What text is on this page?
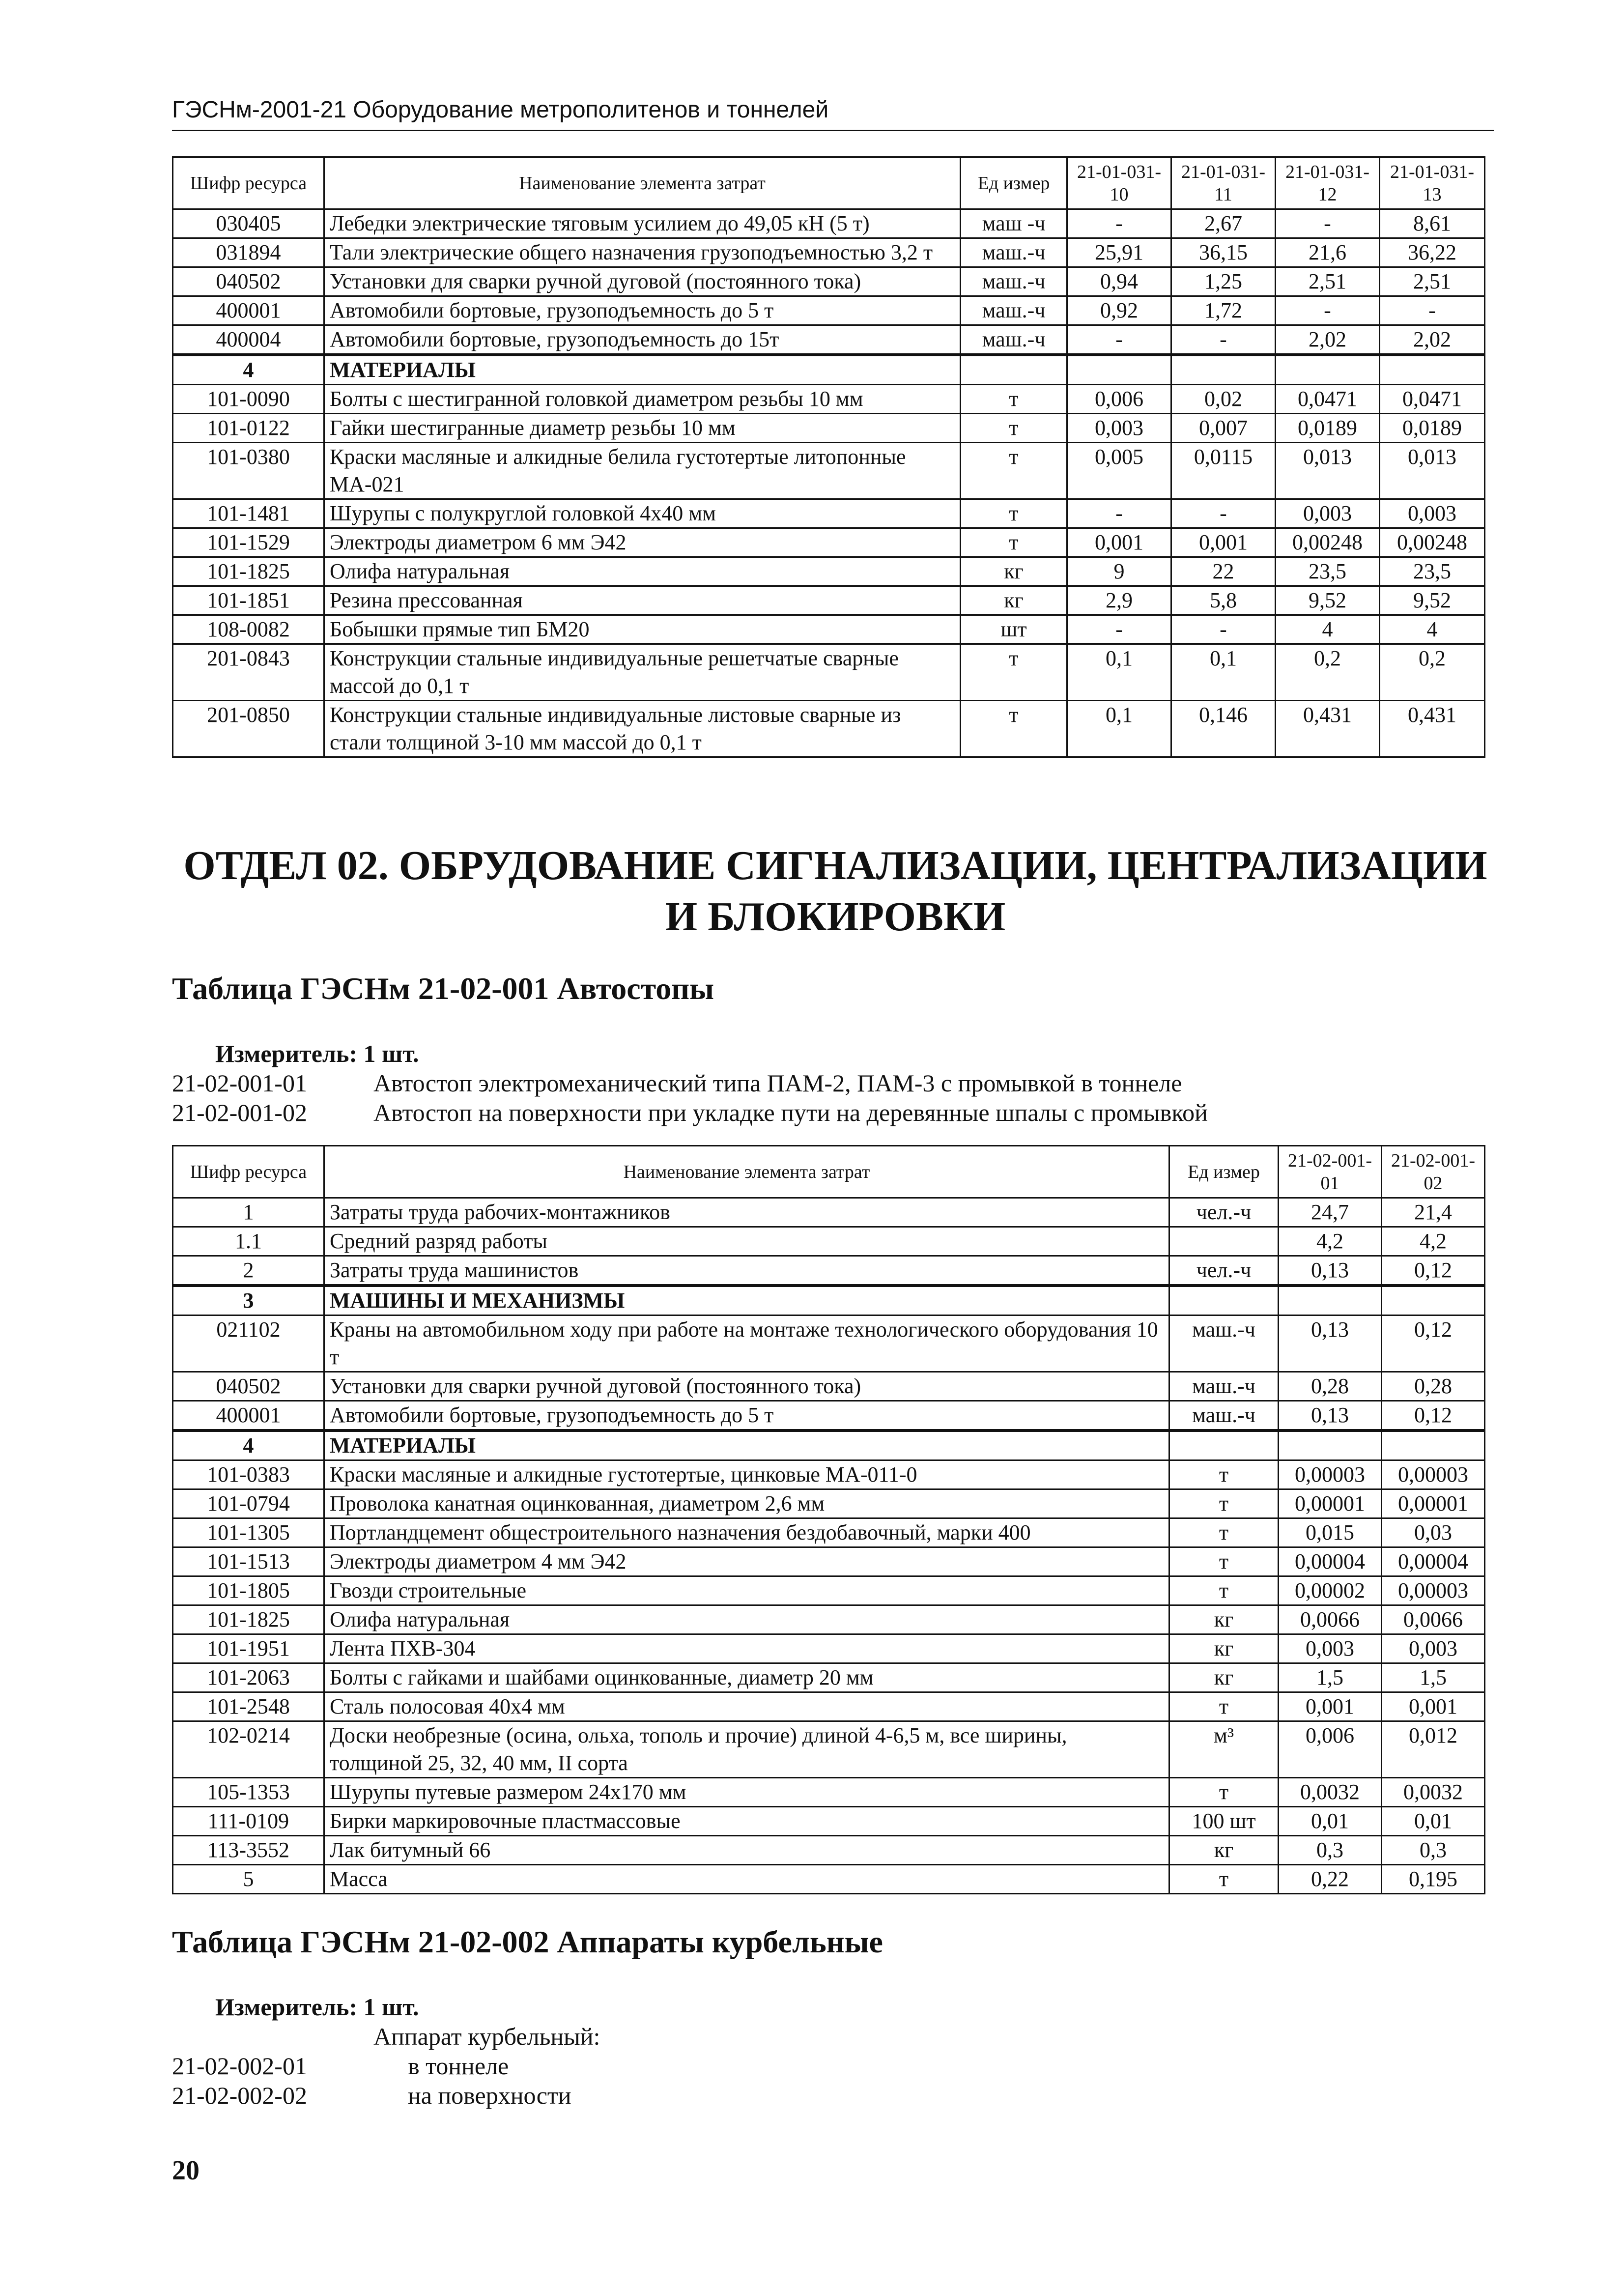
ГЭСНм-2001-21 Оборудование метрополитенов и тоннелей
Шифр ресурса	Наименование элемента затрат	Ед измер	21-01-031-10	21-01-031-11	21-01-031-12	21-01-031-13
030405	Лебедки электрические тяговым усилием до 49,05 кН (5 т)	маш -ч	-	2,67	-	8,61
031894	Тали электрические общего назначения грузоподъемностью 3,2 т	маш.-ч	25,91	36,15	21,6	36,22
040502	Установки для сварки ручной дуговой (постоянного тока)	маш.-ч	0,94	1,25	2,51	2,51
400001	Автомобили бортовые, грузоподъемность до 5 т	маш.-ч	0,92	1,72	-	-
400004	Автомобили бортовые, грузоподъемность до 15т	маш.-ч	-	-	2,02	2,02
4	МАТЕРИАЛЫ					
101-0090	Болты с шестигранной головкой диаметром резьбы 10 мм	т	0,006	0,02	0,0471	0,0471
101-0122	Гайки шестигранные диаметр резьбы 10 мм	т	0,003	0,007	0,0189	0,0189
101-0380	Краски масляные и алкидные белила густотертые литопонные МА-021	т	0,005	0,0115	0,013	0,013
101-1481	Шурупы с полукруглой головкой 4х40 мм	т	-	-	0,003	0,003
101-1529	Электроды диаметром 6 мм Э42	т	0,001	0,001	0,00248	0,00248
101-1825	Олифа натуральная	кг	9	22	23,5	23,5
101-1851	Резина прессованная	кг	2,9	5,8	9,52	9,52
108-0082	Бобышки прямые тип БМ20	шт	-	-	4	4
201-0843	Конструкции стальные индивидуальные решетчатые сварные массой до 0,1 т	т	0,1	0,1	0,2	0,2
201-0850	Конструкции стальные индивидуальные листовые сварные из стали толщиной 3-10 мм массой до 0,1 т	т	0,1	0,146	0,431	0,431
ОТДЕЛ 02. ОБРУДОВАНИЕ СИГНАЛИЗАЦИИ, ЦЕНТРАЛИЗАЦИИ И БЛОКИРОВКИ
Таблица ГЭСНм 21-02-001 Автостопы
Измеритель: 1 шт.
21-02-001-01	Автостоп электромеханический типа ПАМ-2, ПАМ-3 с промывкой в тоннеле
21-02-001-02	Автостоп на поверхности при укладке пути на деревянные шпалы с промывкой
Шифр ресурса	Наименование элемента затрат	Ед измер	21-02-001-01	21-02-001-02
1	Затраты труда рабочих-монтажников	чел.-ч	24,7	21,4
1.1	Средний разряд работы		4,2	4,2
2	Затраты труда машинистов	чел.-ч	0,13	0,12
3	МАШИНЫ И МЕХАНИЗМЫ			
021102	Краны на автомобильном ходу при работе на монтаже технологического оборудования 10 т	маш.-ч	0,13	0,12
040502	Установки для сварки ручной дуговой (постоянного тока)	маш.-ч	0,28	0,28
400001	Автомобили бортовые, грузоподъемность до 5 т	маш.-ч	0,13	0,12
4	МАТЕРИАЛЫ			
101-0383	Краски масляные и алкидные густотертые, цинковые МА-011-0	т	0,00003	0,00003
101-0794	Проволока канатная оцинкованная, диаметром 2,6 мм	т	0,00001	0,00001
101-1305	Портландцемент общестроительного назначения бездобавочный, марки 400	т	0,015	0,03
101-1513	Электроды диаметром 4 мм Э42	т	0,00004	0,00004
101-1805	Гвозди строительные	т	0,00002	0,00003
101-1825	Олифа натуральная	кг	0,0066	0,0066
101-1951	Лента ПХВ-304	кг	0,003	0,003
101-2063	Болты с гайками и шайбами оцинкованные, диаметр 20 мм	кг	1,5	1,5
101-2548	Сталь полосовая 40х4 мм	т	0,001	0,001
102-0214	Доски необрезные (осина, ольха, тополь и прочие) длиной 4-6,5 м, все ширины, толщиной 25, 32, 40 мм, II сорта	м³	0,006	0,012
105-1353	Шурупы путевые размером 24х170 мм	т	0,0032	0,0032
111-0109	Бирки маркировочные пластмассовые	100 шт	0,01	0,01
113-3552	Лак битумный 66	кг	0,3	0,3
5	Масса	т	0,22	0,195
Таблица ГЭСНм 21-02-002 Аппараты курбельные
Измеритель: 1 шт.
Аппарат курбельный:
21-02-002-01	в тоннеле
21-02-002-02	на поверхности
20
